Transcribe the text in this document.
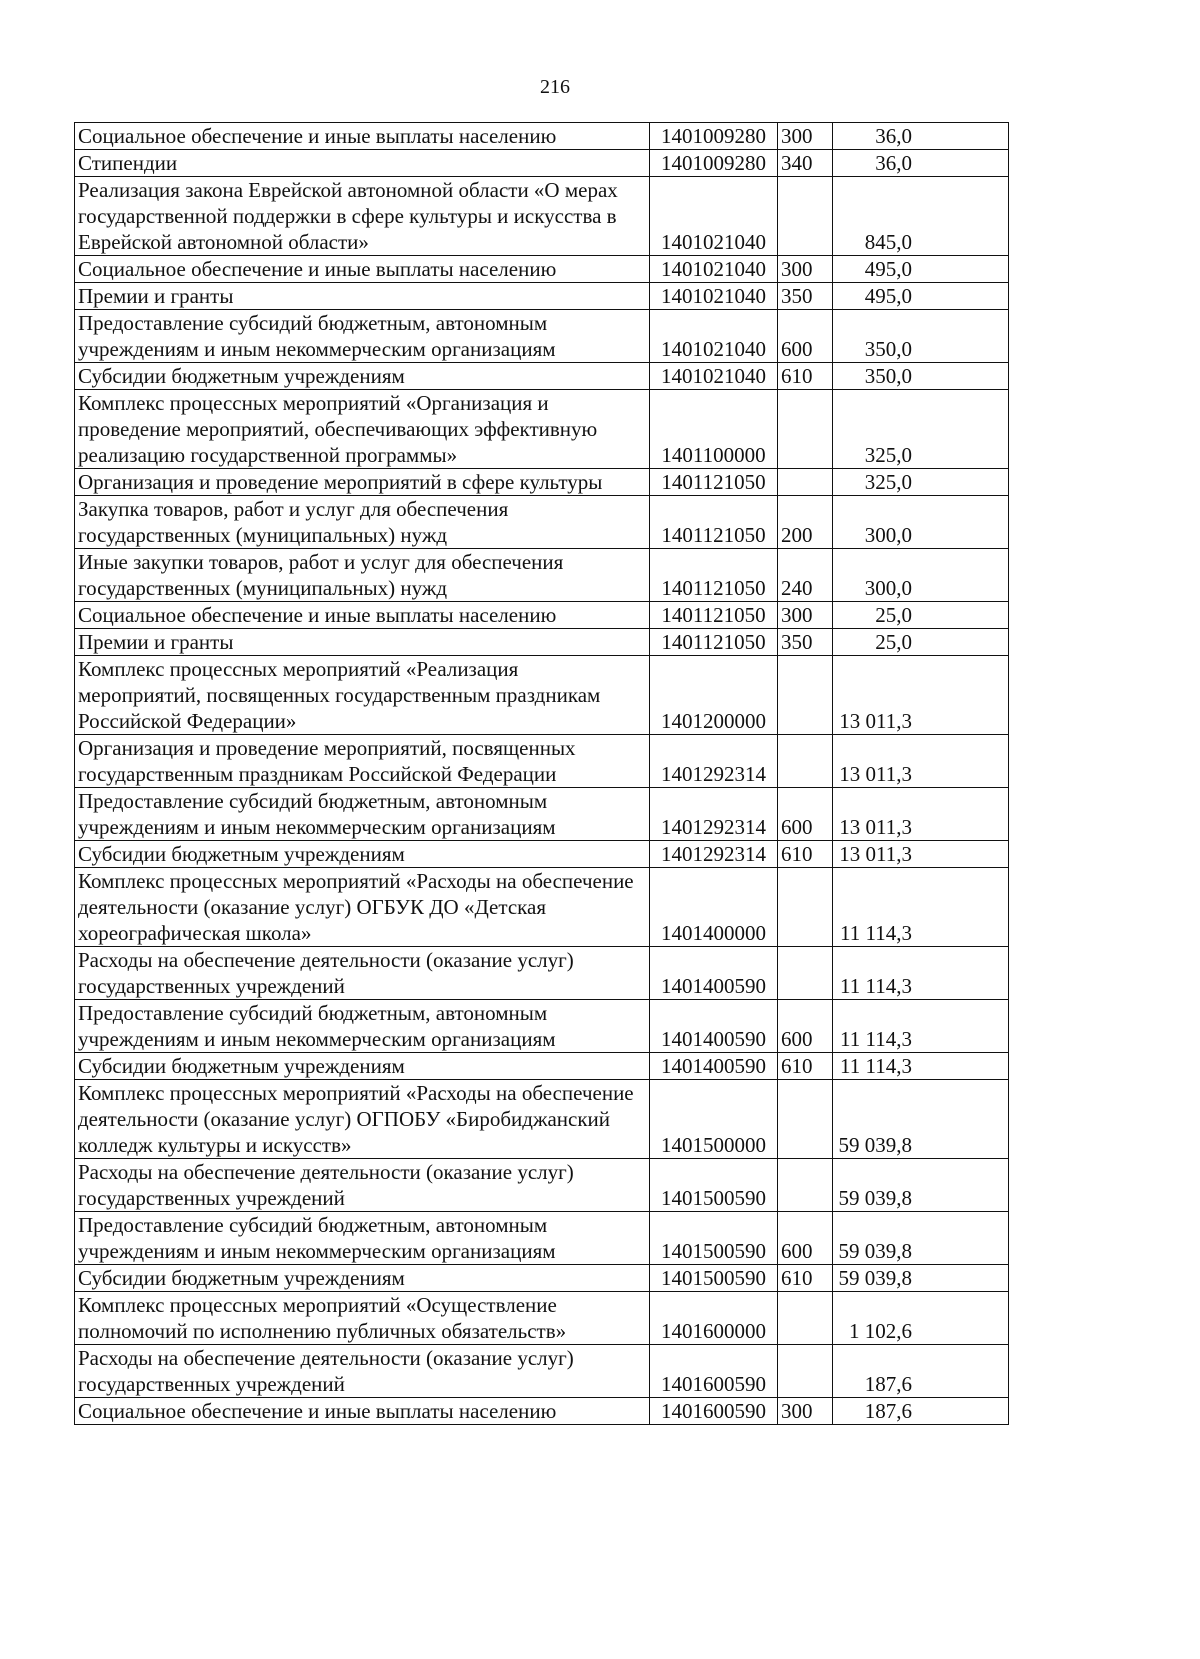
216
Социальное обеспечение и иные выплаты населению	1401009280	300	36,0
Стипендии	1401009280	340	36,0
Реализация закона Еврейской автономной области «О мерах государственной поддержки в сфере культуры и искусства в Еврейской автономной области»	1401021040		845,0
Социальное обеспечение и иные выплаты населению	1401021040	300	495,0
Премии и гранты	1401021040	350	495,0
Предоставление субсидий бюджетным, автономным учреждениям и иным некоммерческим организациям	1401021040	600	350,0
Субсидии бюджетным учреждениям	1401021040	610	350,0
Комплекс процессных мероприятий «Организация и проведение мероприятий, обеспечивающих эффективную реализацию государственной программы»	1401100000		325,0
Организация и проведение мероприятий в сфере культуры	1401121050		325,0
Закупка товаров, работ и услуг для обеспечения государственных (муниципальных) нужд	1401121050	200	300,0
Иные закупки товаров, работ и услуг для обеспечения государственных (муниципальных) нужд	1401121050	240	300,0
Социальное обеспечение и иные выплаты населению	1401121050	300	25,0
Премии и гранты	1401121050	350	25,0
Комплекс процессных мероприятий «Реализация мероприятий, посвященных государственным праздникам Российской Федерации»	1401200000		13 011,3
Организация и проведение мероприятий, посвященных государственным праздникам Российской Федерации	1401292314		13 011,3
Предоставление субсидий бюджетным, автономным учреждениям и иным некоммерческим организациям	1401292314	600	13 011,3
Субсидии бюджетным учреждениям	1401292314	610	13 011,3
Комплекс процессных мероприятий «Расходы на обеспечение деятельности (оказание услуг) ОГБУК ДО «Детская хореографическая школа»	1401400000		11 114,3
Расходы на обеспечение деятельности (оказание услуг) государственных учреждений	1401400590		11 114,3
Предоставление субсидий бюджетным, автономным учреждениям и иным некоммерческим организациям	1401400590	600	11 114,3
Субсидии бюджетным учреждениям	1401400590	610	11 114,3
Комплекс процессных мероприятий «Расходы на обеспечение деятельности (оказание услуг) ОГПОБУ «Биробиджанский колледж культуры и искусств»	1401500000		59 039,8
Расходы на обеспечение деятельности (оказание услуг) государственных учреждений	1401500590		59 039,8
Предоставление субсидий бюджетным, автономным учреждениям и иным некоммерческим организациям	1401500590	600	59 039,8
Субсидии бюджетным учреждениям	1401500590	610	59 039,8
Комплекс процессных мероприятий «Осуществление полномочий по исполнению публичных обязательств»	1401600000		1 102,6
Расходы на обеспечение деятельности (оказание услуг) государственных учреждений	1401600590		187,6
Социальное обеспечение и иные выплаты населению	1401600590	300	187,6
